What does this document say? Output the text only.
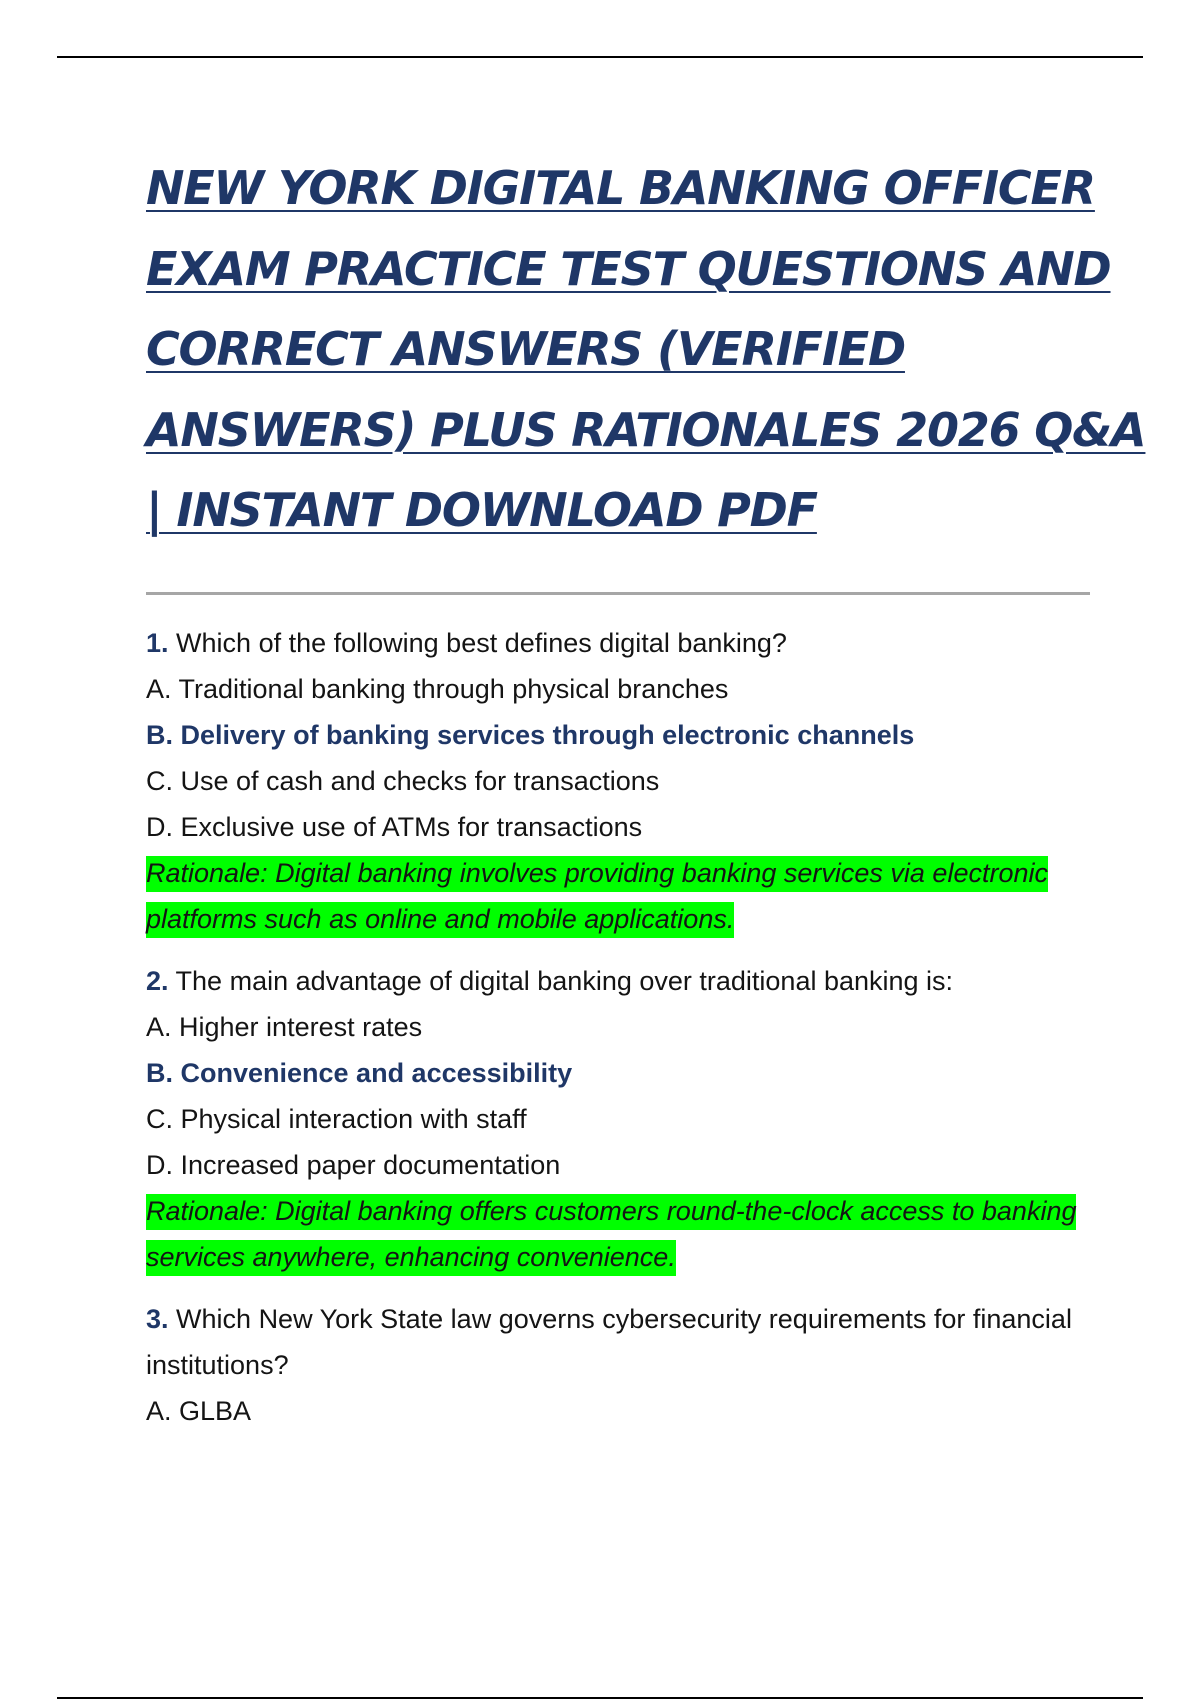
NEW YORK DIGITAL BANKING OFFICER
EXAM PRACTICE TEST QUESTIONS AND
CORRECT ANSWERS (VERIFIED
ANSWERS) PLUS RATIONALES 2026 Q&A
| INSTANT DOWNLOAD PDF

1. Which of the following best defines digital banking?

A. Traditional banking through physical branches

B. Delivery of banking services through electronic channels

C. Use of cash and checks for transactions

D. Exclusive use of ATMs for transactions

Rationale: Digital banking involves providing banking services via electronic platforms such as online and mobile applications.

2. The main advantage of digital banking over traditional banking is:

A. Higher interest rates

B. Convenience and accessibility

C. Physical interaction with staff

D. Increased paper documentation

Rationale: Digital banking offers customers round-the-clock access to banking services anywhere, enhancing convenience.

3. Which New York State law governs cybersecurity requirements for financial institutions?

A. GLBA
